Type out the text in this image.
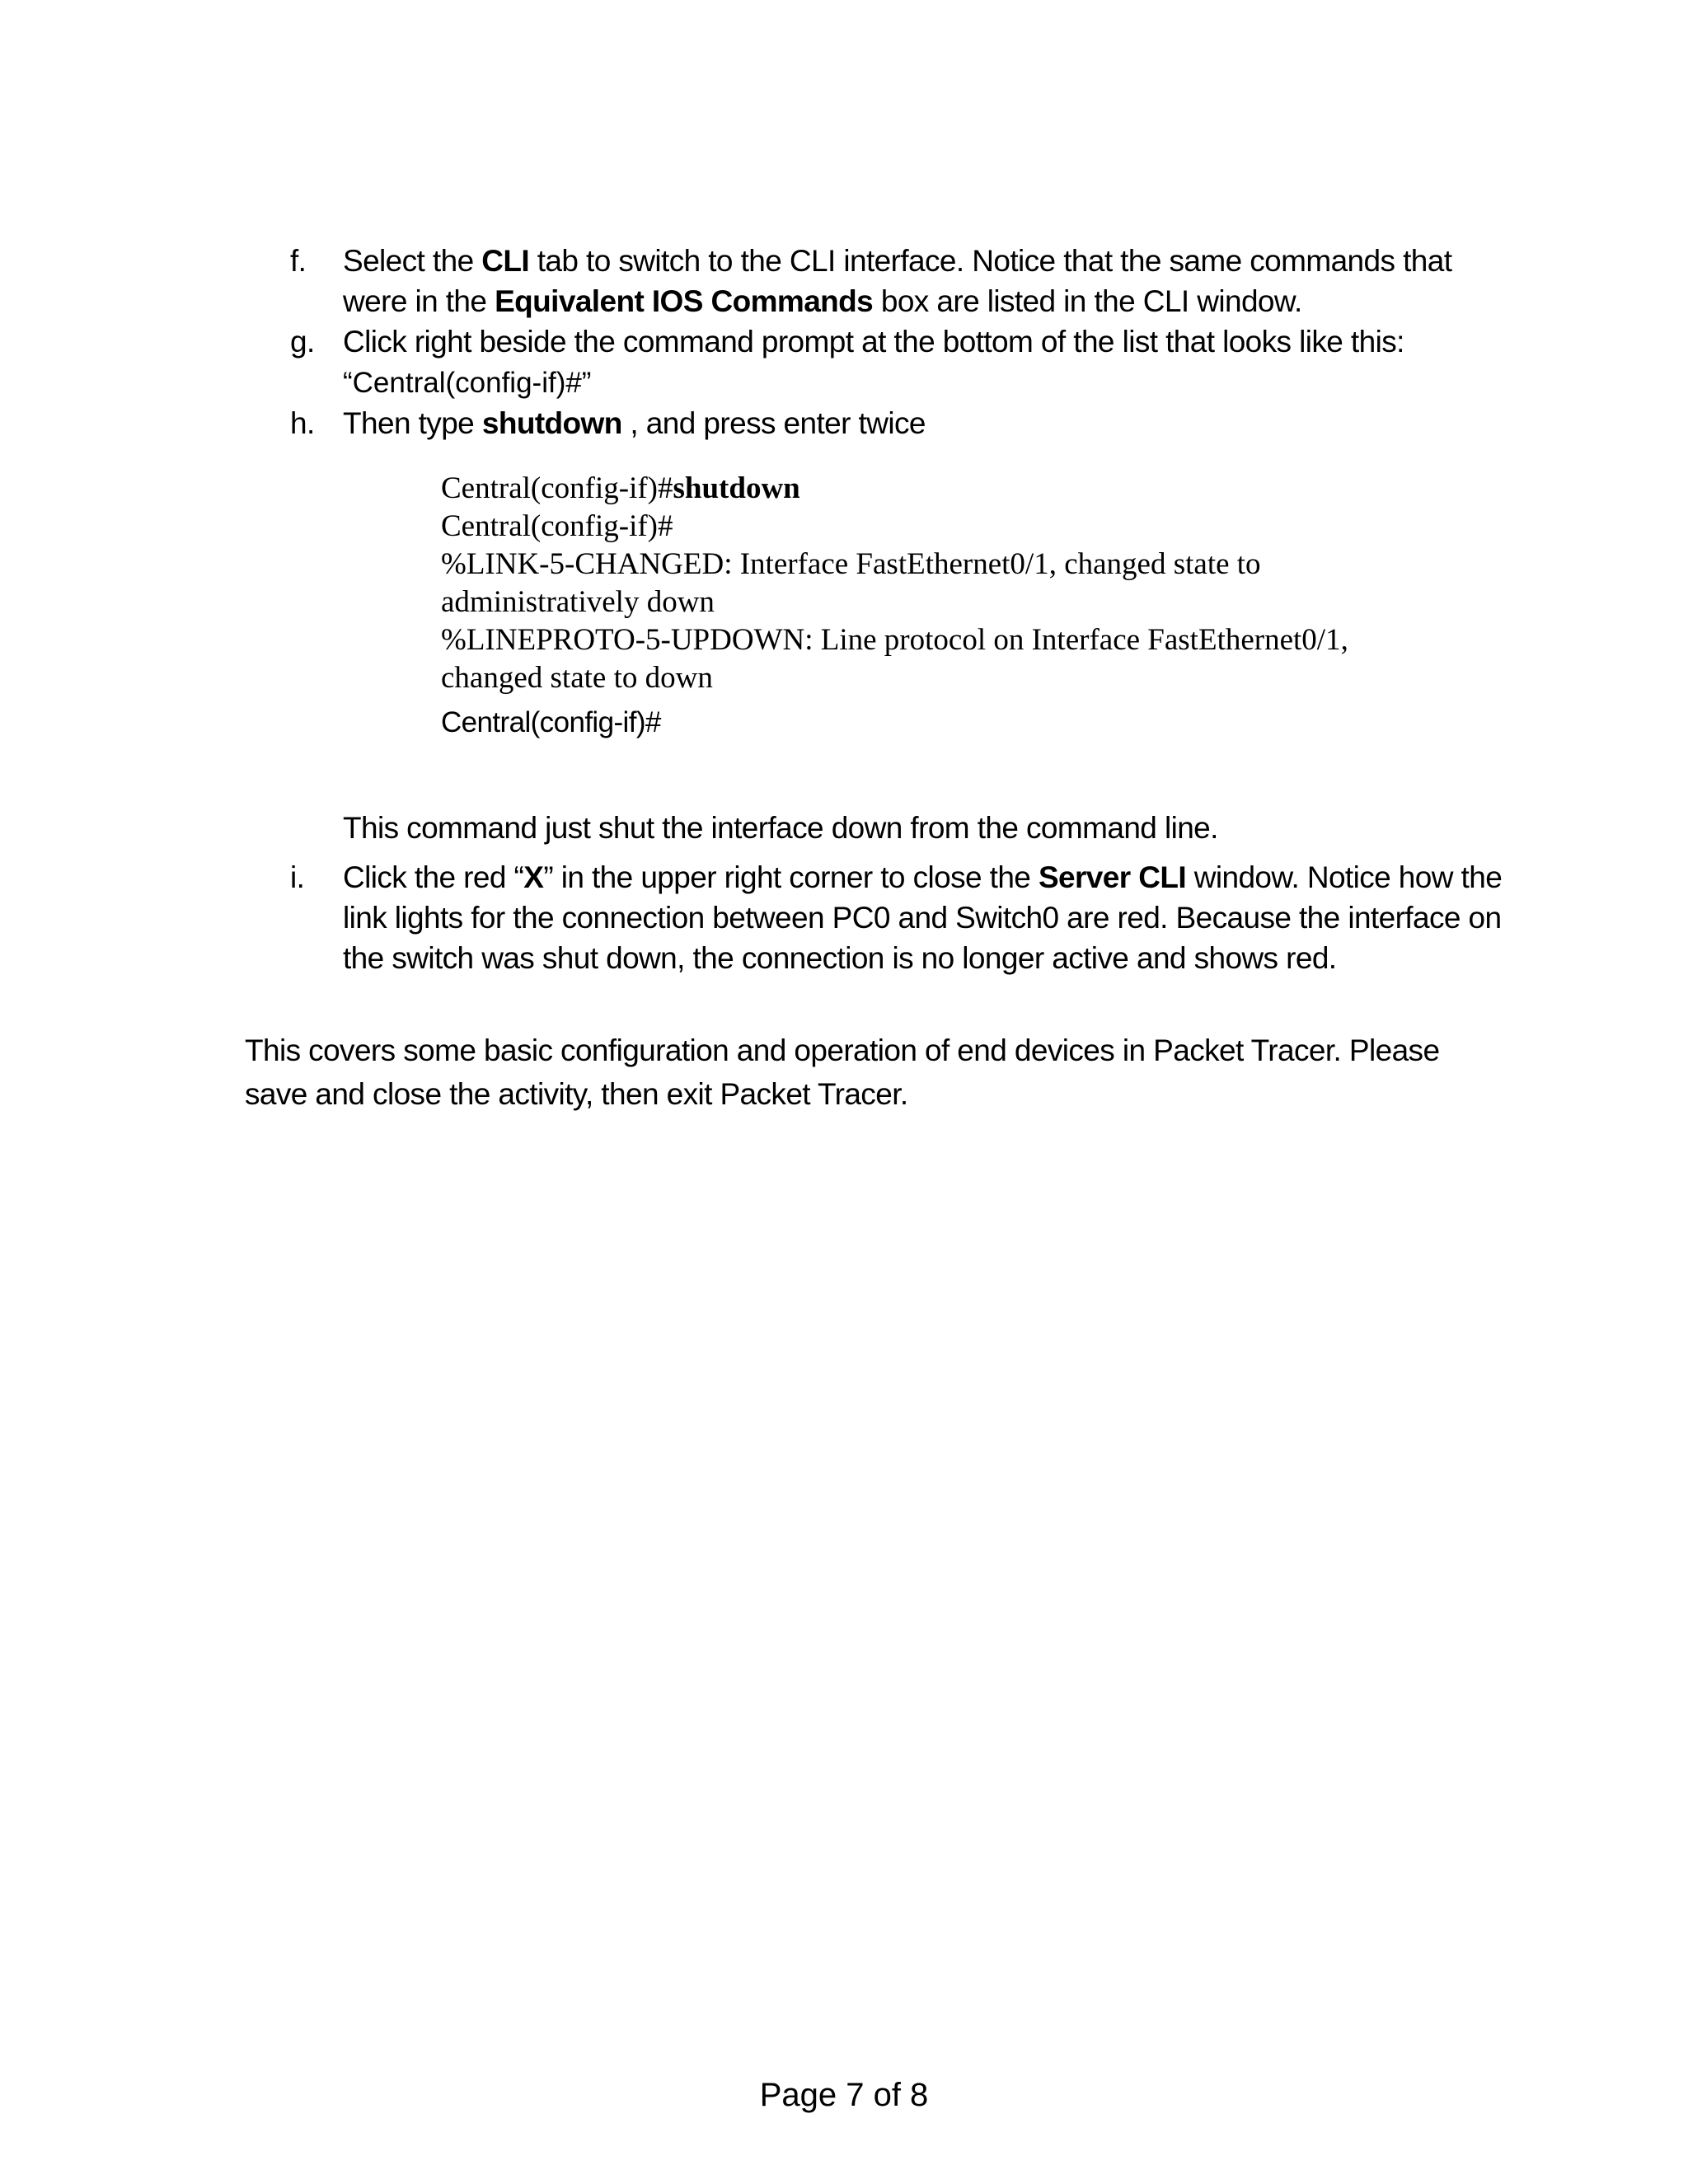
f. Select the CLI tab to switch to the CLI interface. Notice that the same commands that were in the Equivalent IOS Commands box are listed in the CLI window.
g. Click right beside the command prompt at the bottom of the list that looks like this:
“Central(config-if)#”
h. Then type shutdown , and press enter twice
Central(config-if)#shutdown
Central(config-if)#
%LINK-5-CHANGED: Interface FastEthernet0/1, changed state to
administratively down
%LINEPROTO-5-UPDOWN: Line protocol on Interface FastEthernet0/1,
changed state to down
Central(config-if)#
This command just shut the interface down from the command line.
i. Click the red “X” in the upper right corner to close the Server CLI window. Notice how the link lights for the connection between PC0 and Switch0 are red. Because the interface on the switch was shut down, the connection is no longer active and shows red.
This covers some basic configuration and operation of end devices in Packet Tracer. Please save and close the activity, then exit Packet Tracer.
Page 7 of 8
